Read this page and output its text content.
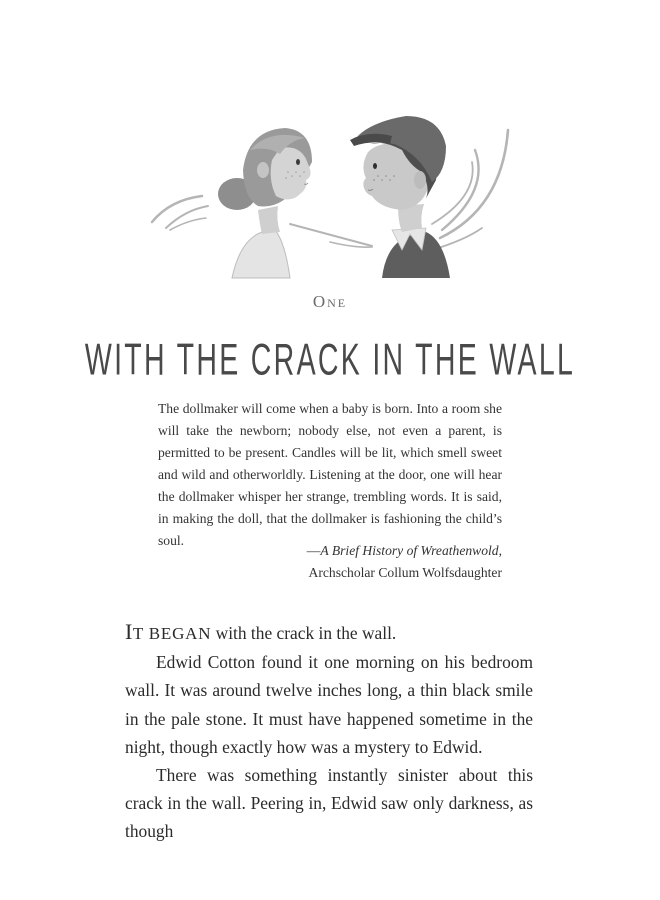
One
WITH THE CRACK IN THE WALL

The dollmaker will come when a baby is born. Into a room she will take the newborn; nobody else, not even a parent, is permitted to be present. Candles will be lit, which smell sweet and wild and otherworldly. Listening at the door, one will hear the dollmaker whisper her strange, trembling words. It is said, in making the doll, that the dollmaker is fashioning the child’s soul.

—A Brief History of Wreathenwold,
Archscholar Collum Wolfsdaughter

IT BEGAN with the crack in the wall.

Edwid Cotton found it one morning on his bedroom wall. It was around twelve inches long, a thin black smile in the pale stone. It must have happened sometime in the night, though exactly how was a mystery to Edwid.

There was something instantly sinister about this crack in the wall. Peering in, Edwid saw only darkness, as though
